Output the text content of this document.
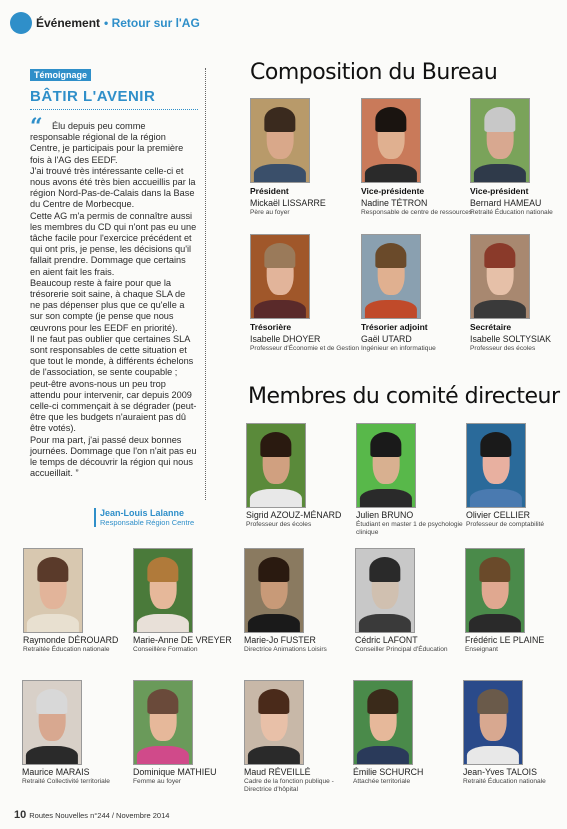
Événement • Retour sur l'AG
Témoignage
BÂTIR L'AVENIR
“	Élu depuis peu comme responsable régional de la région Centre, je participais pour la première fois à l'AG des EEDF.

J'ai trouvé très intéressante celle-ci et nous avons été très bien accueillis par la région Nord-Pas-de-Calais dans la Base du Centre de Morbecque.

Cette AG m'a permis de connaître aussi les membres du CD qui n'ont pas eu une tâche facile pour l'exercice précédent et qui ont pris, je pense, les décisions qu'il fallait prendre. Dommage que certains en aient fait les frais.

Beaucoup reste à faire pour que la trésorerie soit saine, à chaque SLA de ne pas dépenser plus que ce qu'elle a sur son compte (je pense que nous œuvrons pour les EEDF en priorité).

Il ne faut pas oublier que certaines SLA sont responsables de cette situation et que tout le monde, à différents échelons de l'association, se sente coupable ; peut-être avons-nous un peu trop attendu pour intervenir, car depuis 2009 celle-ci commençait à se dégrader (peut-être que les budgets n'auraient pas dû être votés).

Pour ma part, j'ai passé deux bonnes journées. Dommage que l'on n'ait pas eu le temps de découvrir la région qui nous accueillait. ”

Jean-Louis Lalanne
Responsable Région Centre
Composition du Bureau
Membres du comité directeur
Président
Mickaël LISSARRE
Père au foyer
Vice-présidente
Nadine TÉTRON
Responsable de centre de ressources
Vice-président
Bernard HAMEAU
Retraité Éducation nationale
Trésorière
Isabelle DHOYER
Professeur d'Économie et de Gestion
Trésorier adjoint
Gaël UTARD
Ingénieur en informatique
Secrétaire
Isabelle SOLTYSIAK
Professeur des écoles
Sigrid AZOUZ-MÉNARD
Professeur des écoles
Julien BRUNO
Étudiant en master 1 de psychologie clinique
Olivier CELLIER
Professeur de comptabilité
Raymonde DÉROUARD
Retraitée Éducation nationale
Marie-Anne DE VREYER
Conseillère Formation
Marie-Jo FUSTER
Directrice Animations Loisirs
Cédric LAFONT
Conseiller Principal d'Éducation
Frédéric LE PLAINE
Enseignant
Maurice MARAIS
Retraité Collectivité territoriale
Dominique MATHIEU
Femme au foyer
Maud RÉVEILLÉ
Cadre de la fonction publique - Directrice d'hôpital
Émilie SCHURCH
Attachée territoriale
Jean-Yves TALOIS
Retraité Éducation nationale
10 Routes Nouvelles n°244 / Novembre 2014
